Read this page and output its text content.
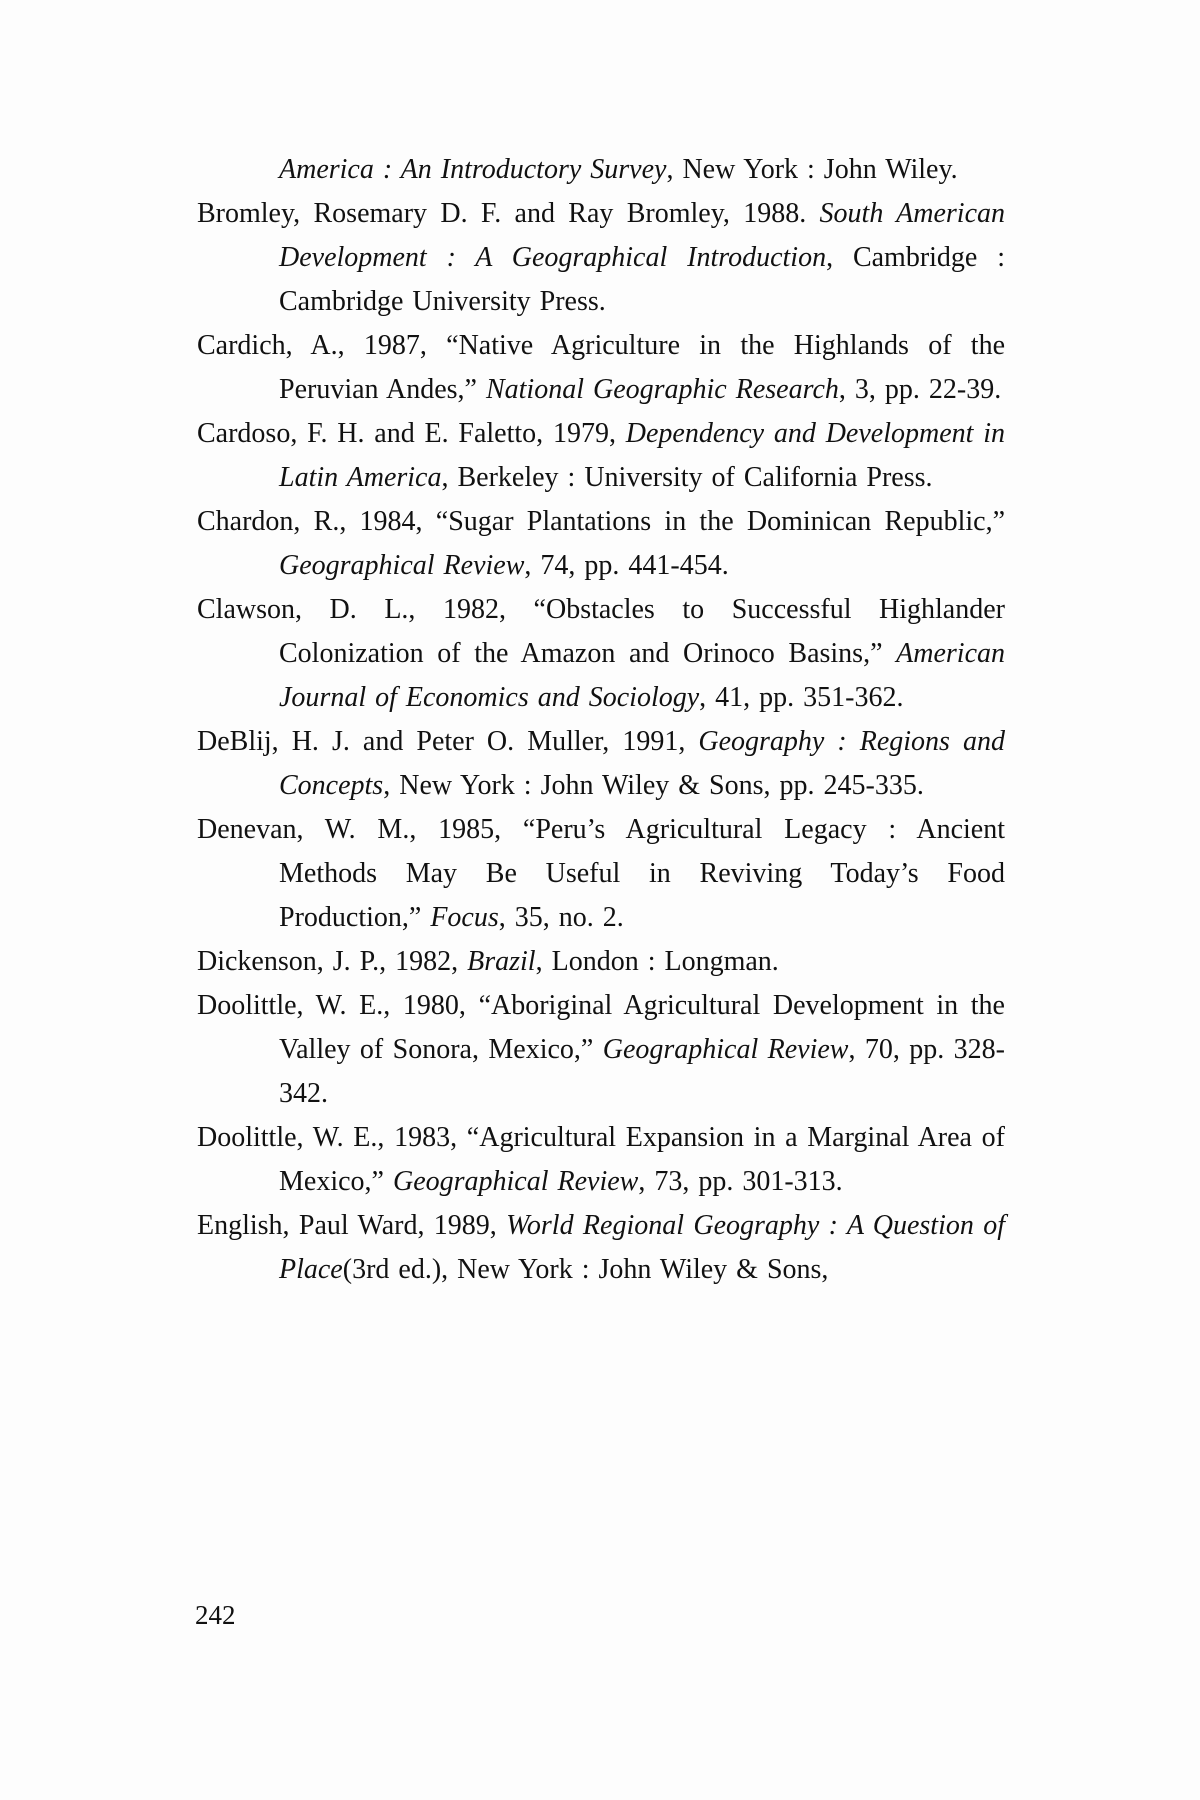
America : An Introductory Survey, New York : John Wiley.
Bromley, Rosemary D. F. and Ray Bromley, 1988. South American Development : A Geographical Introduction, Cambridge : Cambridge University Press.
Cardich, A., 1987, “Native Agriculture in the Highlands of the Peruvian Andes,” National Geographic Research, 3, pp. 22-39.
Cardoso, F. H. and E. Faletto, 1979, Dependency and Development in Latin America, Berkeley : University of California Press.
Chardon, R., 1984, “Sugar Plantations in the Dominican Republic,” Geographical Review, 74, pp. 441-454.
Clawson, D. L., 1982, “Obstacles to Successful Highlander Colonization of the Amazon and Orinoco Basins,” American Journal of Economics and Sociology, 41, pp. 351-362.
DeBlij, H. J. and Peter O. Muller, 1991, Geography : Regions and Concepts, New York : John Wiley & Sons, pp. 245-335.
Denevan, W. M., 1985, “Peru’s Agricultural Legacy : Ancient Methods May Be Useful in Reviving Today’s Food Production,” Focus, 35, no. 2.
Dickenson, J. P., 1982, Brazil, London : Longman.
Doolittle, W. E., 1980, “Aboriginal Agricultural Development in the Valley of Sonora, Mexico,” Geographical Review, 70, pp. 328-342.
Doolittle, W. E., 1983, “Agricultural Expansion in a Marginal Area of Mexico,” Geographical Review, 73, pp. 301-313.
English, Paul Ward, 1989, World Regional Geography : A Question of Place(3rd ed.), New York : John Wiley & Sons,

242
